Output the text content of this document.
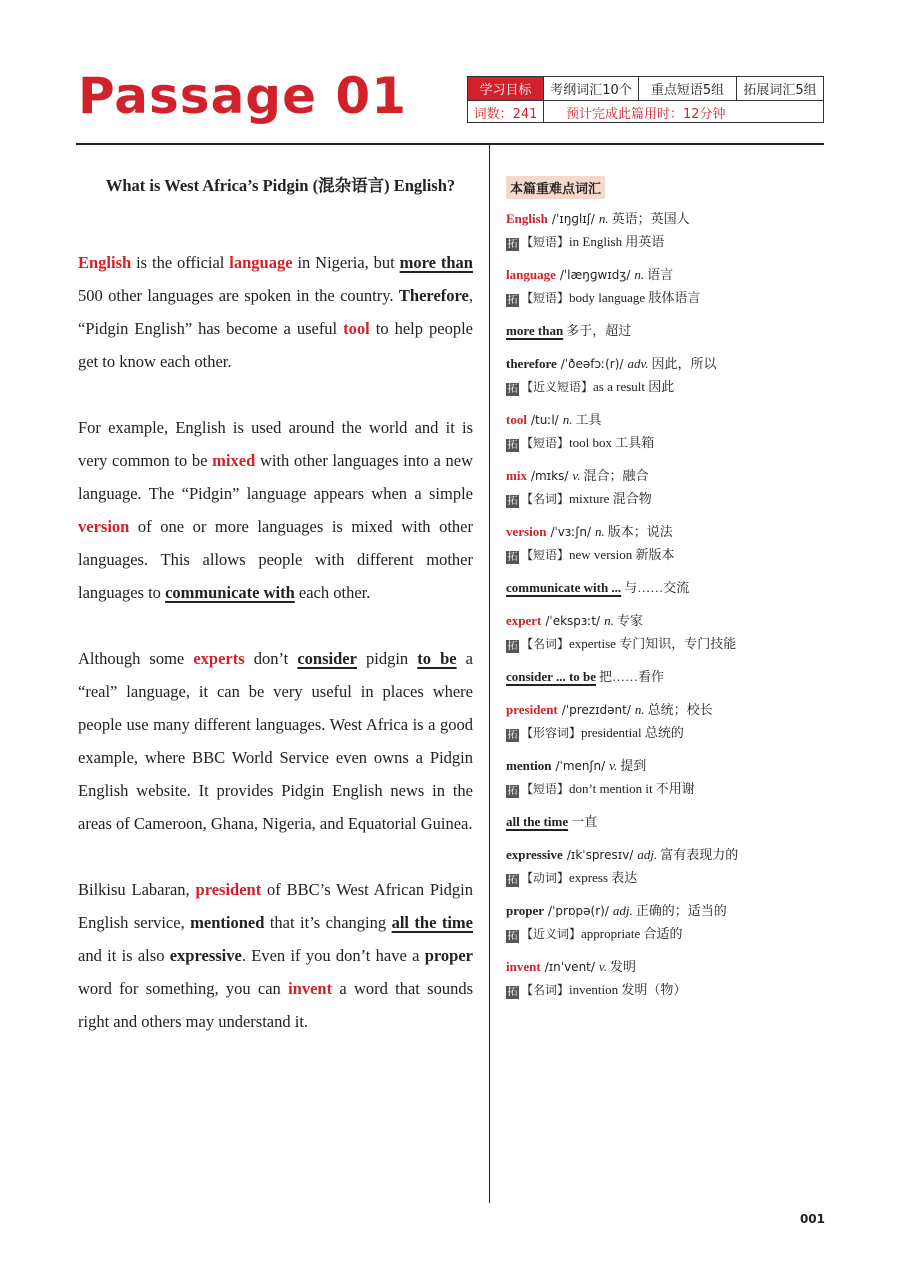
Passage 01	学习目标	考纲词汇10个	重点短语5组	拓展词汇5组
词数：241	预计完成此篇用时：12分钟
What is West Africa’s Pidgin (混杂语言) English?
English is the official language in Nigeria, but more than 500 other languages are spoken in the country. Therefore, “Pidgin English” has become a useful tool to help people get to know each other.
For example, English is used around the world and it is very common to be mixed with other languages into a new language. The “Pidgin” language appears when a simple version of one or more languages is mixed with other languages. This allows people with different mother languages to communicate with each other.
Although some experts don’t consider pidgin to be a “real” language, it can be very useful in places where people use many different languages. West Africa is a good example, where BBC World Service even owns a Pidgin English website. It provides Pidgin English news in the areas of Cameroon, Ghana, Nigeria, and Equatorial Guinea.
Bilkisu Labaran, president of BBC’s West African Pidgin English service, mentioned that it’s changing all the time and it is also expressive. Even if you don’t have a proper word for something, you can invent a word that sounds right and others may understand it.
本篇重难点词汇
English /ˈɪŋɡlɪʃ/ n. 英语；英国人
拓 【短语】in English 用英语
language /ˈlæŋɡwɪdʒ/ n. 语言
拓 【短语】body language 肢体语言
more than 多于，超过
therefore /ˈðeəfɔː(r)/ adv. 因此，所以
拓 【近义短语】as a result 因此
tool /tuːl/ n. 工具
拓 【短语】tool box 工具箱
mix /mɪks/ v. 混合；融合
拓 【名词】mixture 混合物
version /ˈvɜːʃn/ n. 版本；说法
拓 【短语】new version 新版本
communicate with ... 与……交流
expert /ˈekspɜːt/ n. 专家
拓 【名词】expertise 专门知识，专门技能
consider ... to be 把……看作
president /ˈprezɪdənt/ n. 总统；校长
拓 【形容词】presidential 总统的
mention /ˈmenʃn/ v. 提到
拓 【短语】don’t mention it 不用谢
all the time 一直
expressive /ɪkˈspresɪv/ adj. 富有表现力的
拓 【动词】express 表达
proper /ˈprɒpə(r)/ adj. 正确的；适当的
拓 【近义词】appropriate 合适的
invent /ɪnˈvent/ v. 发明
拓 【名词】invention 发明（物）
001
